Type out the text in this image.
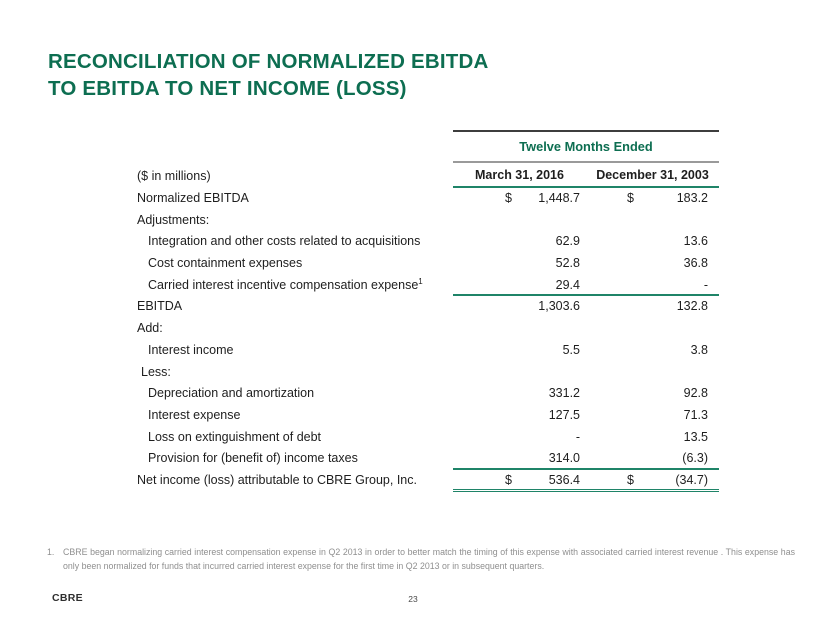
RECONCILIATION OF NORMALIZED EBITDA
TO EBITDA TO NET INCOME (LOSS)
Twelve Months Ended
($ in millions)	March 31, 2016	December 31, 2003
Normalized EBITDA	$ 1,448.7	$	183.2
Adjustments:
Integration and other costs related to acquisitions	62.9	13.6
Cost containment expenses	52.8	36.8
Carried interest incentive compensation expense$^1$	29.4	-
EBITDA	1,303.6	132.8
Add:
Interest income	5.5	3.8
Less:
Depreciation and amortization	331.2	92.8
Interest expense	127.5	71.3
Loss on extinguishment of debt	-	13.5
Provision for (benefit of) income taxes	314.0	(6.3)
Net income (loss) attributable to CBRE Group, Inc.	$	536.4	$	(34.7)
1. CBRE began normalizing carried interest compensation expense in Q2 2013 in order to better match the timing of this expense with associated carried interest revenue . This expense has only been normalized for funds that incurred carried interest expense for the first time in Q2 2013 or in subsequent quarters.
CBRE	23
